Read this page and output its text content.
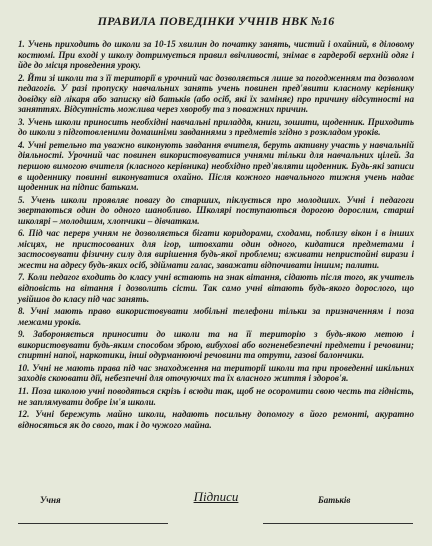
ПРАВИЛА ПОВЕДІНКИ УЧНІВ НВК №16

1. Учень приходить до школи за 10-15 хвилин до початку занять, чистий і охайний, в діловому костюмі. При вході у школу дотримується правил ввічливості, знімає в гардеробі верхній одяг і йде до місця проведення уроку.

2. Йти зі школи та з її території в урочний час дозволяється лише за погодженням та дозволом педагогів. У разі пропуску навчальних занять учень повинен пред'явити класному керівнику довідку від лікаря або записку від батьків (або осіб, які їх заміняє) про причину відсутності на заняттях. Відсутність можлива через хворобу та з поважних причин.

3. Учень школи приносить необхідні навчальні приладдя, книги, зошити, щоденник. Приходить до школи з підготовленими домашніми завданнями з предметів згідно з розкладом уроків.

4. Учні ретельно та уважно виконують завдання вчителя, беруть активну участь у навчальній діяльності. Урочний час повинен використовуватися учнями тільки для навчальних цілей. За першою вимогою вчителя (класного керівника) необхідно пред'являти щоденник. Будь-які записи в щоденнику повинні виконуватися охайно. Після кожного навчального тижня учень надає щоденник на підпис батькам.

5. Учень школи проявляє повагу до старших, піклується про молодших. Учні і педагоги звертаються один до одного шанобливо. Школярі поступаються дорогою дорослим, старші школярі – молодшим, хлопчики – дівчаткам.

6. Під час перерв учням не дозволяється бігати коридорами, сходами, поблизу вікон і в інших місцях, не пристосованих для ігор, штовхати один одного, кидатися предметами і застосовувати фізичну силу для вирішення будь-якої проблеми; вживати непристойні вирази і жести на адресу будь-яких осіб, здіймати галас, заважати відпочивати іншим; палити.

7. Коли педагог входить до класу учні встають на знак вітання, сідають після того, як учитель відповість на вітання і дозволить сісти. Так само учні вітають будь-якого дорослого, що увійшов до класу під час занять.

8. Учні мають право використовувати мобільні телефони тільки за призначенням і поза межами уроків.

9. Забороняється приносити до школи та на її територію з будь-якою метою і використовувати будь-яким способом зброю, вибухові або вогненебезпечні предмети і речовини; спиртні напої, наркотики, інші одурманюючі речовини та отрути, газові балончики.

10. Учні не мають права під час знаходження на території школи та при проведенні шкільних заходів скоювати дії, небезпечні для оточуючих та їх власного життя і здоров'я.

11. Поза школою учні поводяться скрізь і всюди так, щоб не осоромити свою честь та гідність, не заплямувати добре ім'я школи.

12. Учні бережуть майно школи, надають посильну допомогу в його ремонті, акуратно відносяться як до свого, так і до чужого майна.

Учня	Підписи	Батьків
